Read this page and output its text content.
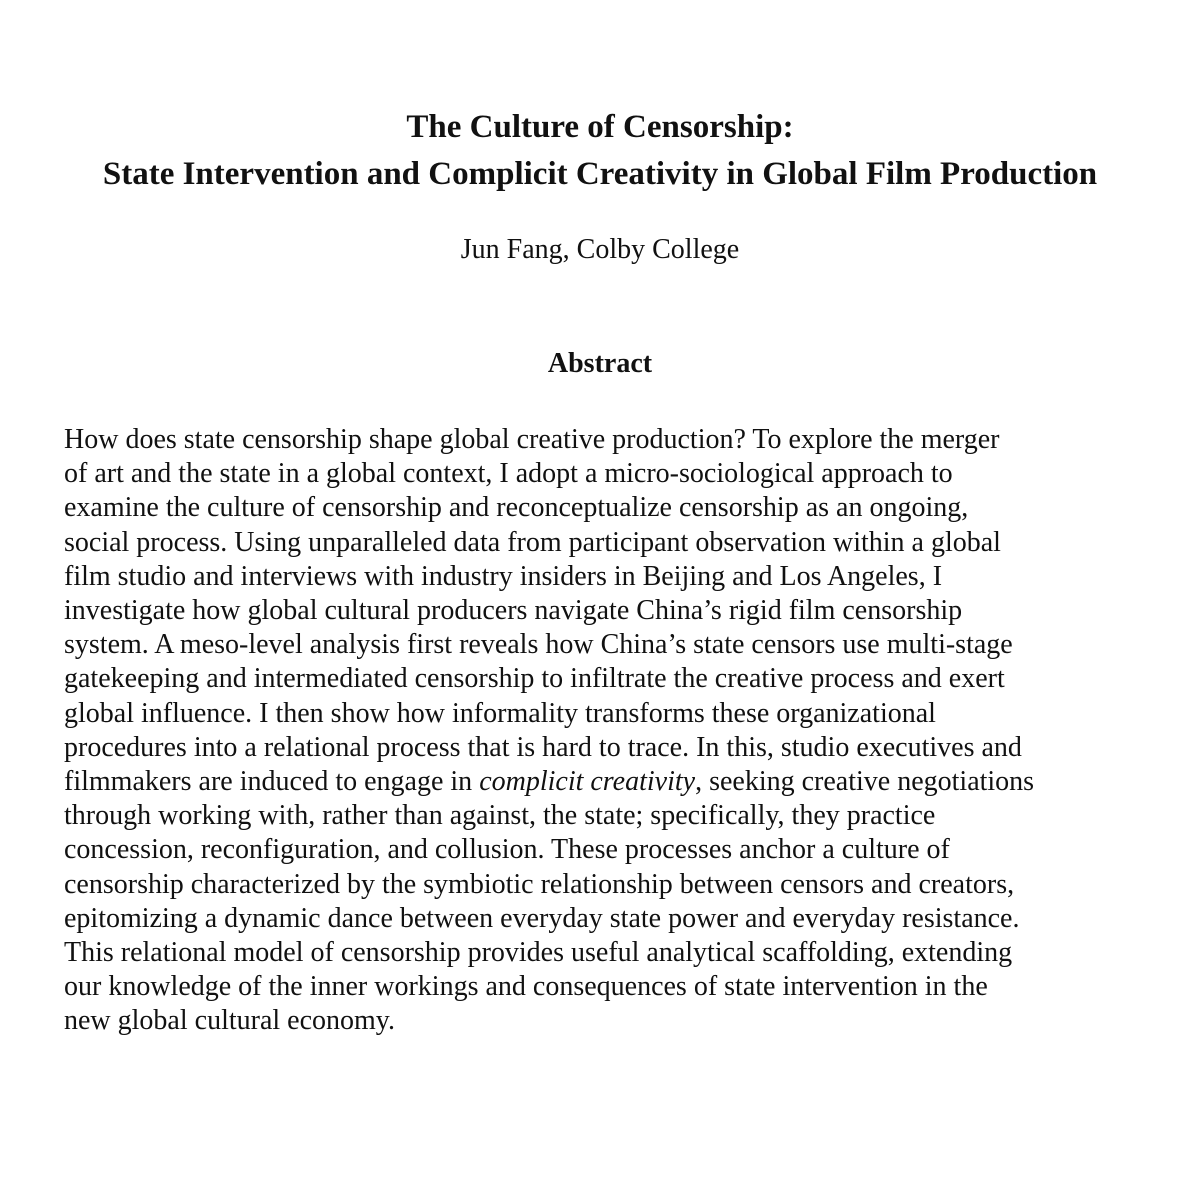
The Culture of Censorship:
State Intervention and Complicit Creativity in Global Film Production

Jun Fang, Colby College

Abstract
How does state censorship shape global creative production? To explore the merger
of art and the state in a global context, I adopt a micro-sociological approach to
examine the culture of censorship and reconceptualize censorship as an ongoing,
social process. Using unparalleled data from participant observation within a global
film studio and interviews with industry insiders in Beijing and Los Angeles, I
investigate how global cultural producers navigate China’s rigid film censorship
system. A meso-level analysis first reveals how China’s state censors use multi-stage
gatekeeping and intermediated censorship to infiltrate the creative process and exert
global influence. I then show how informality transforms these organizational
procedures into a relational process that is hard to trace. In this, studio executives and
filmmakers are induced to engage in complicit creativity, seeking creative negotiations
through working with, rather than against, the state; specifically, they practice
concession, reconfiguration, and collusion. These processes anchor a culture of
censorship characterized by the symbiotic relationship between censors and creators,
epitomizing a dynamic dance between everyday state power and everyday resistance.
This relational model of censorship provides useful analytical scaffolding, extending
our knowledge of the inner workings and consequences of state intervention in the
new global cultural economy.
